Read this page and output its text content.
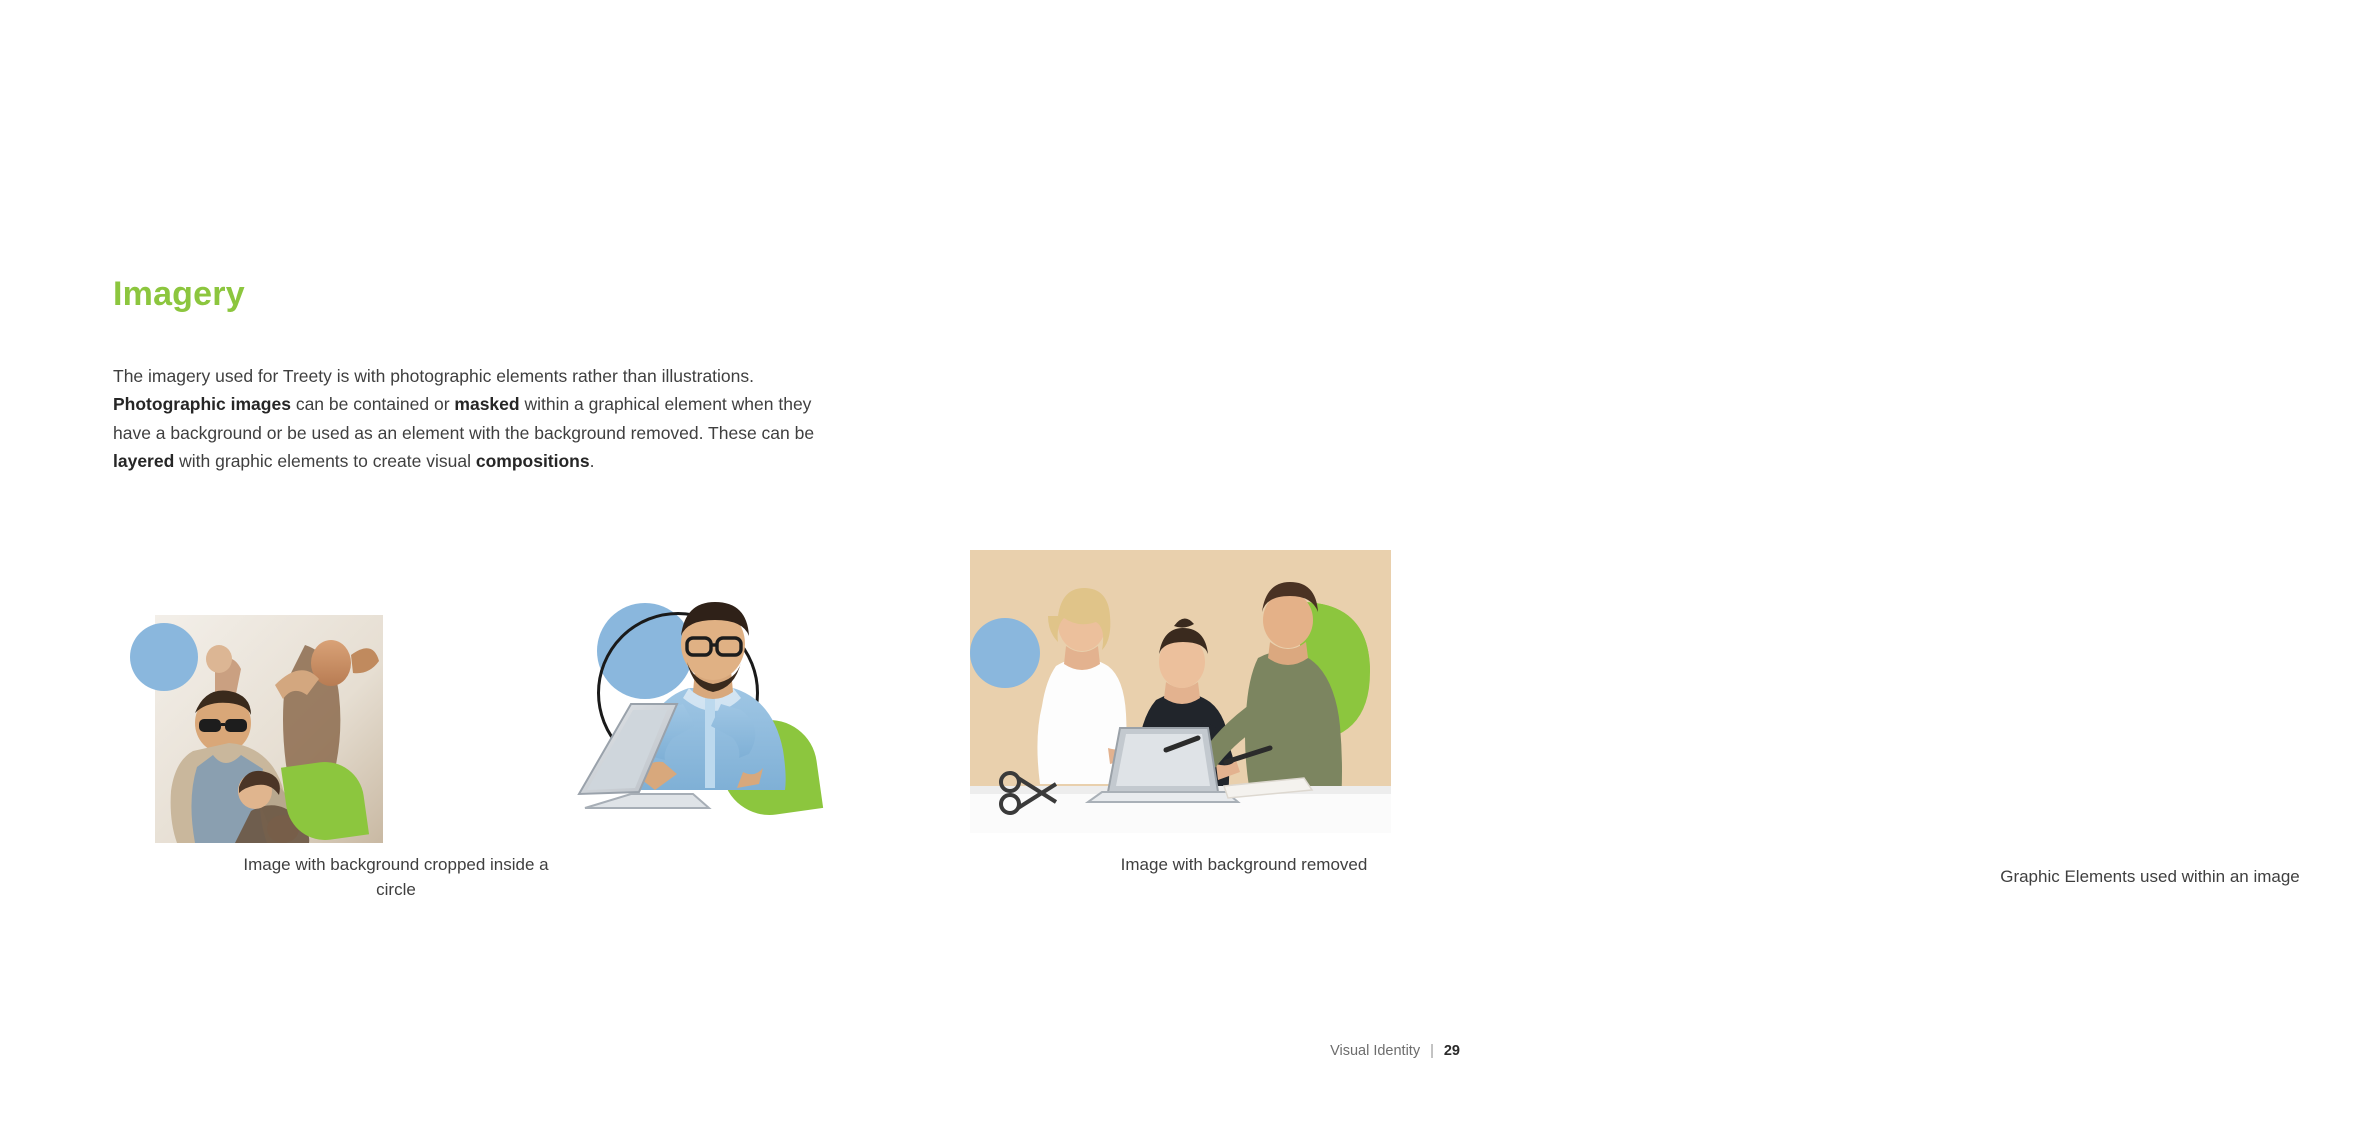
Imagery

The imagery used for Treety is with photographic elements rather than illustrations. Photographic images can be contained or masked within a graphical element when they have a background or be used as an element with the background removed. These can be layered with graphic elements to create visual compositions.

Image with background cropped inside a circle
Image with background removed
Graphic Elements used within an image
Visual Identity | 29
